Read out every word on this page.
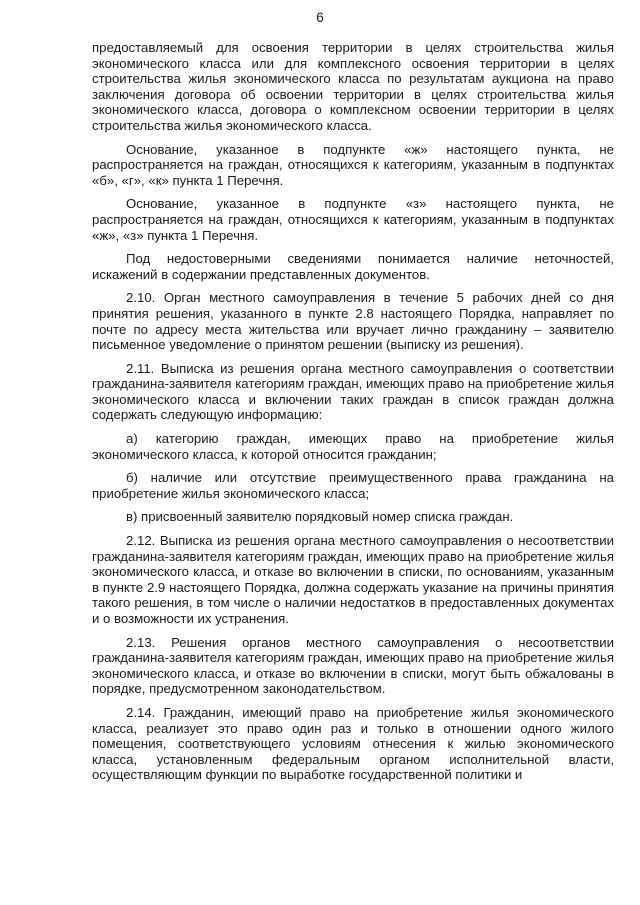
6

предоставляемый для освоения территории в целях строительства жилья экономического класса или для комплексного освоения территории в целях строительства жилья экономического класса по результатам аукциона на право заключения договора об освоении территории в целях строительства жилья экономического класса, договора о комплексном освоении территории в целях строительства жилья экономического класса.

Основание, указанное в подпункте «ж» настоящего пункта, не распространяется на граждан, относящихся к категориям, указанным в подпунктах «б», «г», «к» пункта 1 Перечня.

Основание, указанное в подпункте «з» настоящего пункта, не распространяется на граждан, относящихся к категориям, указанным в подпунктах «ж», «з» пункта 1 Перечня.

Под недостоверными сведениями понимается наличие неточностей, искажений в содержании представленных документов.

2.10. Орган местного самоуправления в течение 5 рабочих дней со дня принятия решения, указанного в пункте 2.8 настоящего Порядка, направляет по почте по адресу места жительства или вручает лично гражданину – заявителю письменное уведомление о принятом решении (выписку из решения).

2.11. Выписка из решения органа местного самоуправления о соответствии гражданина-заявителя категориям граждан, имеющих право на приобретение жилья экономического класса и включении таких граждан в список граждан должна содержать следующую информацию:

а) категорию граждан, имеющих право на приобретение жилья экономического класса, к которой относится гражданин;

б) наличие или отсутствие преимущественного права гражданина на приобретение жилья экономического класса;

в) присвоенный заявителю порядковый номер списка граждан.

2.12. Выписка из решения органа местного самоуправления о несоответствии гражданина-заявителя категориям граждан, имеющих право на приобретение жилья экономического класса, и отказе во включении в списки, по основаниям, указанным в пункте 2.9 настоящего Порядка, должна содержать указание на причины принятия такого решения, в том числе о наличии недостатков в предоставленных документах и о возможности их устранения.

2.13. Решения органов местного самоуправления о несоответствии гражданина-заявителя категориям граждан, имеющих право на приобретение жилья экономического класса, и отказе во включении в списки, могут быть обжалованы в порядке, предусмотренном законодательством.

2.14. Гражданин, имеющий право на приобретение жилья экономического класса, реализует это право один раз и только в отношении одного жилого помещения, соответствующего условиям отнесения к жилью экономического класса, установленным федеральным органом исполнительной власти, осуществляющим функции по выработке государственной политики и
